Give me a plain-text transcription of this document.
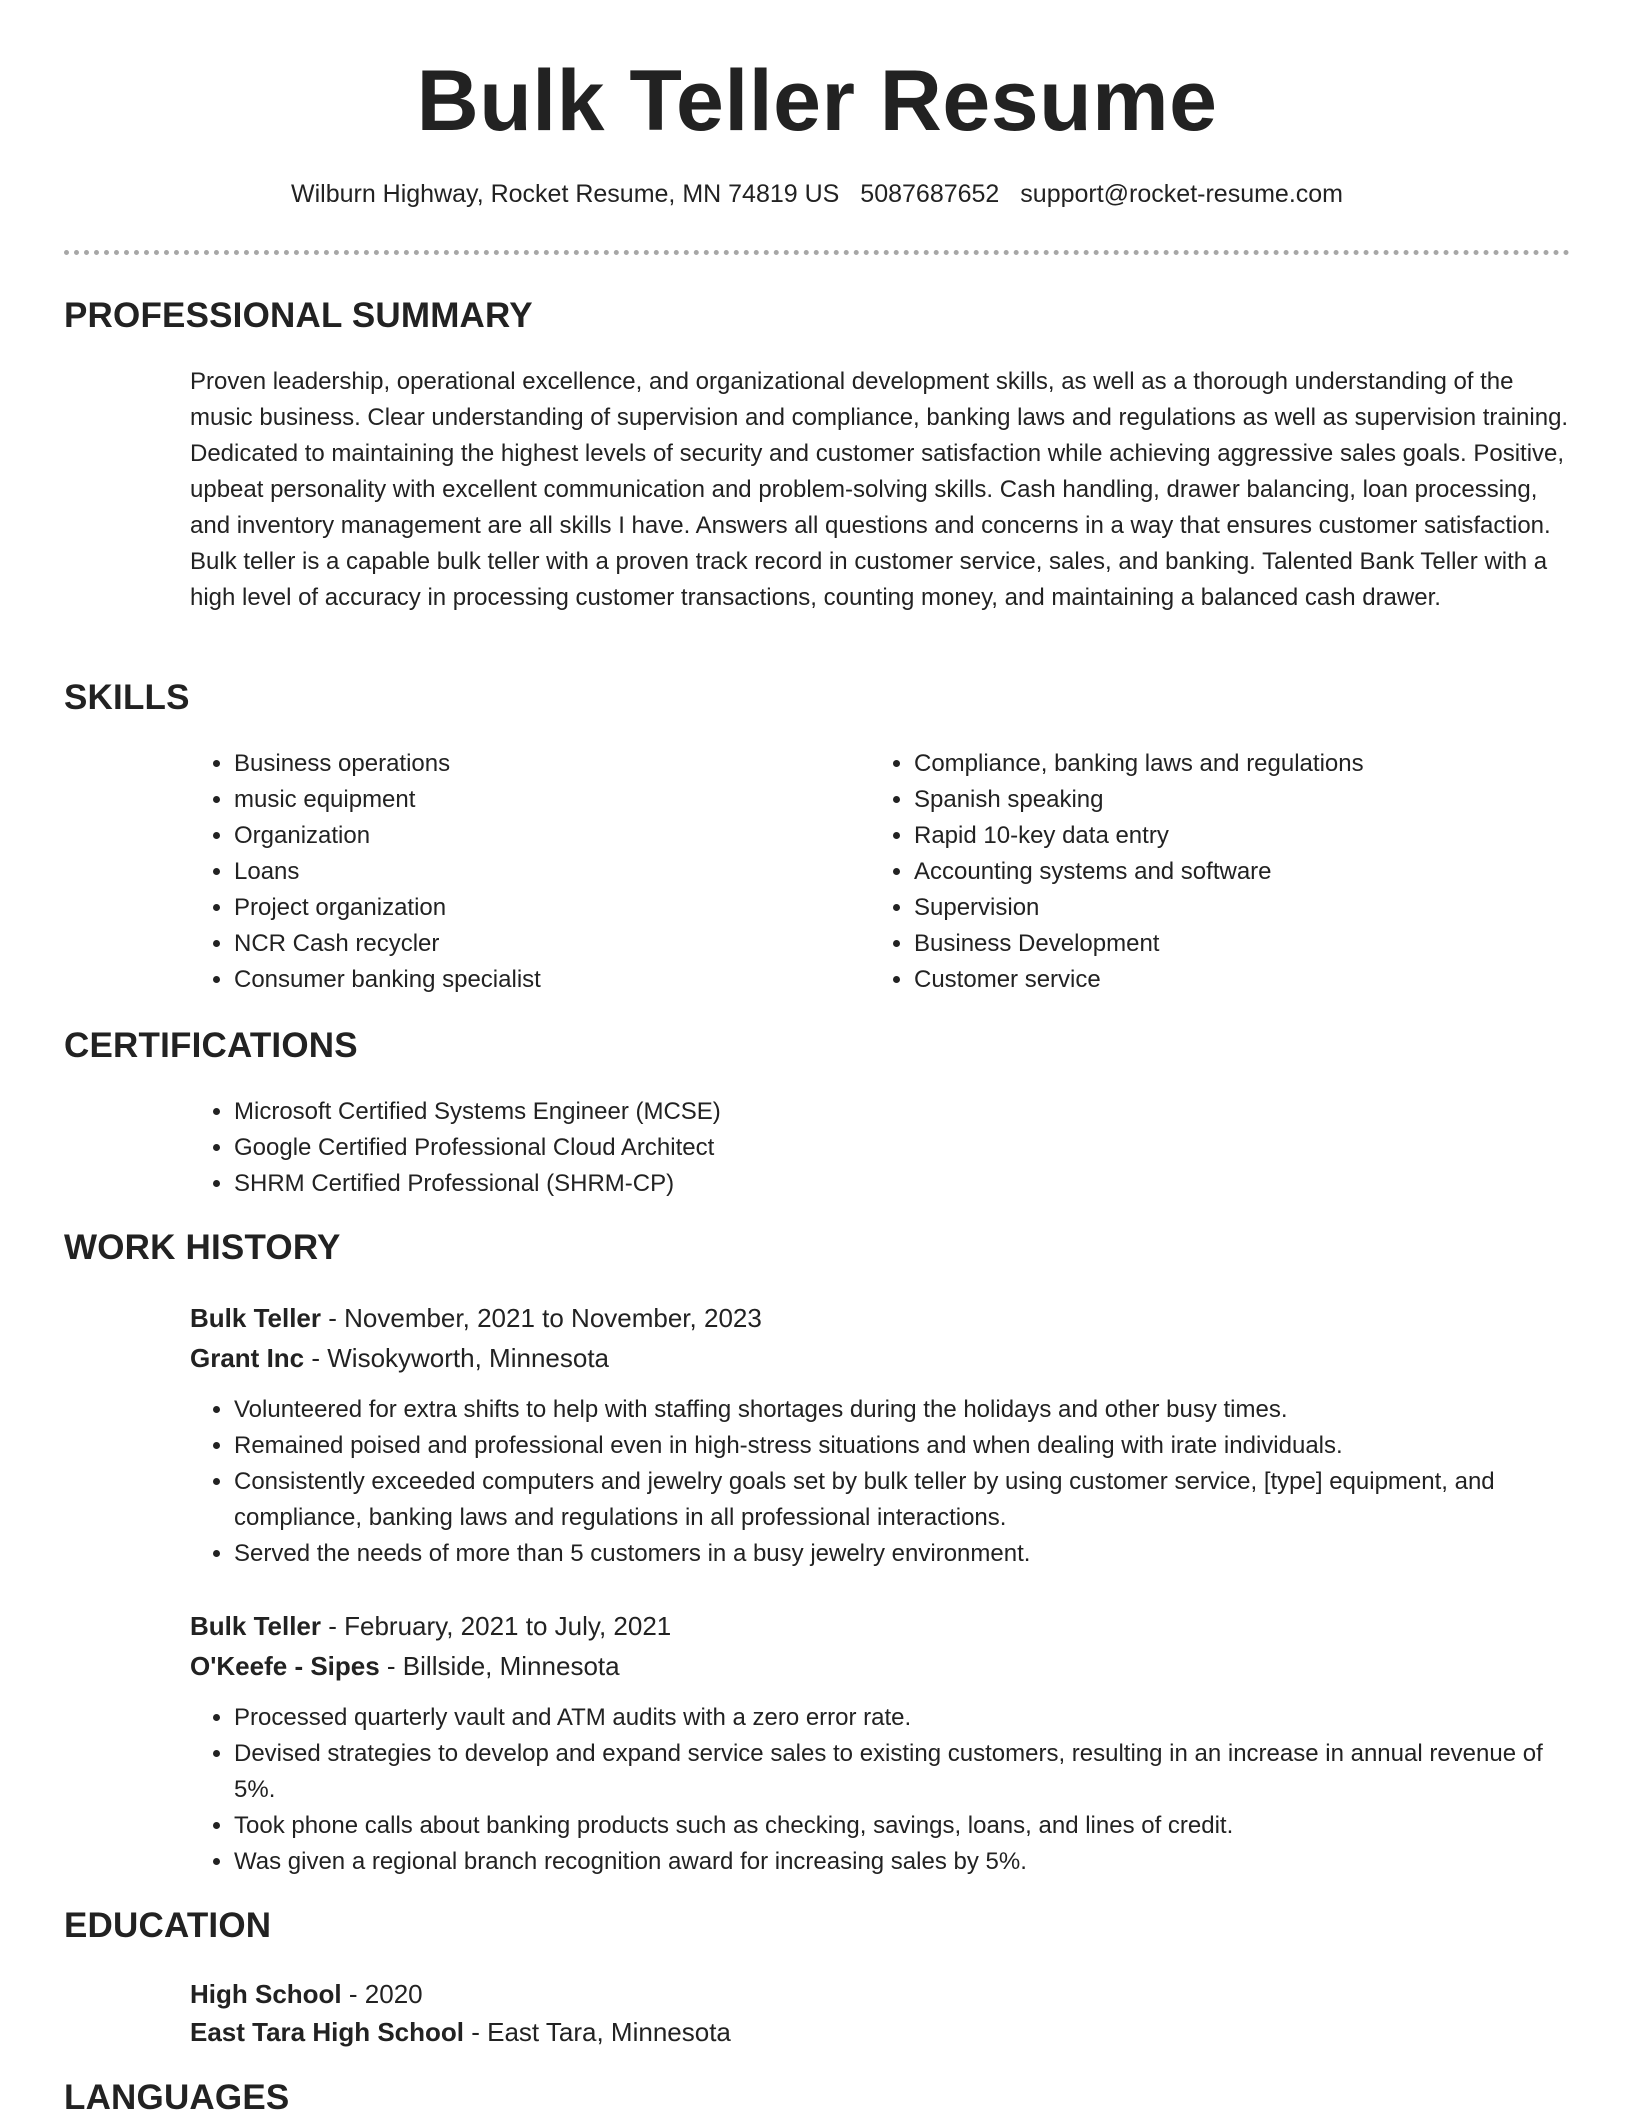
Bulk Teller Resume
Wilburn Highway, Rocket Resume, MN 74819 US 5087687652 support@rocket-resume.com
PROFESSIONAL SUMMARY

Proven leadership, operational excellence, and organizational development skills, as well as a thorough understanding of the music business. Clear understanding of supervision and compliance, banking laws and regulations as well as supervision training. Dedicated to maintaining the highest levels of security and customer satisfaction while achieving aggressive sales goals. Positive, upbeat personality with excellent communication and problem-solving skills. Cash handling, drawer balancing, loan processing, and inventory management are all skills I have. Answers all questions and concerns in a way that ensures customer satisfaction. Bulk teller is a capable bulk teller with a proven track record in customer service, sales, and banking. Talented Bank Teller with a high level of accuracy in processing customer transactions, counting money, and maintaining a balanced cash drawer.

SKILLS
• Business operations
• music equipment
• Organization
• Loans
• Project organization
• NCR Cash recycler
• Consumer banking specialist
• Compliance, banking laws and regulations
• Spanish speaking
• Rapid 10-key data entry
• Accounting systems and software
• Supervision
• Business Development
• Customer service
CERTIFICATIONS
• Microsoft Certified Systems Engineer (MCSE)
• Google Certified Professional Cloud Architect
• SHRM Certified Professional (SHRM-CP)
WORK HISTORY
Bulk Teller - November, 2021 to November, 2023
Grant Inc - Wisokyworth, Minnesota
• Volunteered for extra shifts to help with staffing shortages during the holidays and other busy times.
• Remained poised and professional even in high-stress situations and when dealing with irate individuals.
• Consistently exceeded computers and jewelry goals set by bulk teller by using customer service, [type] equipment, and compliance, banking laws and regulations in all professional interactions.
• Served the needs of more than 5 customers in a busy jewelry environment.
Bulk Teller - February, 2021 to July, 2021
O'Keefe - Sipes - Billside, Minnesota
• Processed quarterly vault and ATM audits with a zero error rate.
• Devised strategies to develop and expand service sales to existing customers, resulting in an increase in annual revenue of 5%.
• Took phone calls about banking products such as checking, savings, loans, and lines of credit.
• Was given a regional branch recognition award for increasing sales by 5%.
EDUCATION
High School - 2020
East Tara High School - East Tara, Minnesota
LANGUAGES
